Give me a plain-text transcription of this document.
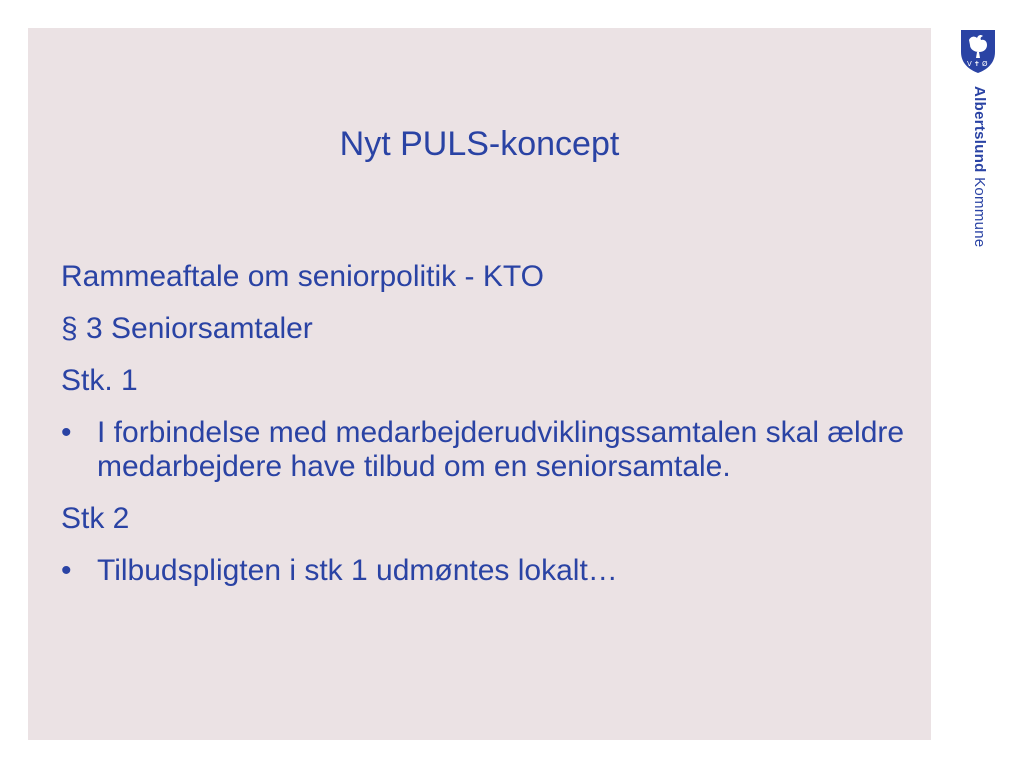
Nyt PULS-koncept
Rammeaftale om seniorpolitik - KTO
§ 3 Seniorsamtaler
Stk. 1
• I forbindelse med medarbejderudviklingssamtalen skal ældre medarbejdere have tilbud om en seniorsamtale.
Stk 2
• Tilbudspligten i stk 1 udmøntes lokalt…
V ✝ Ø
Albertslund Kommune
